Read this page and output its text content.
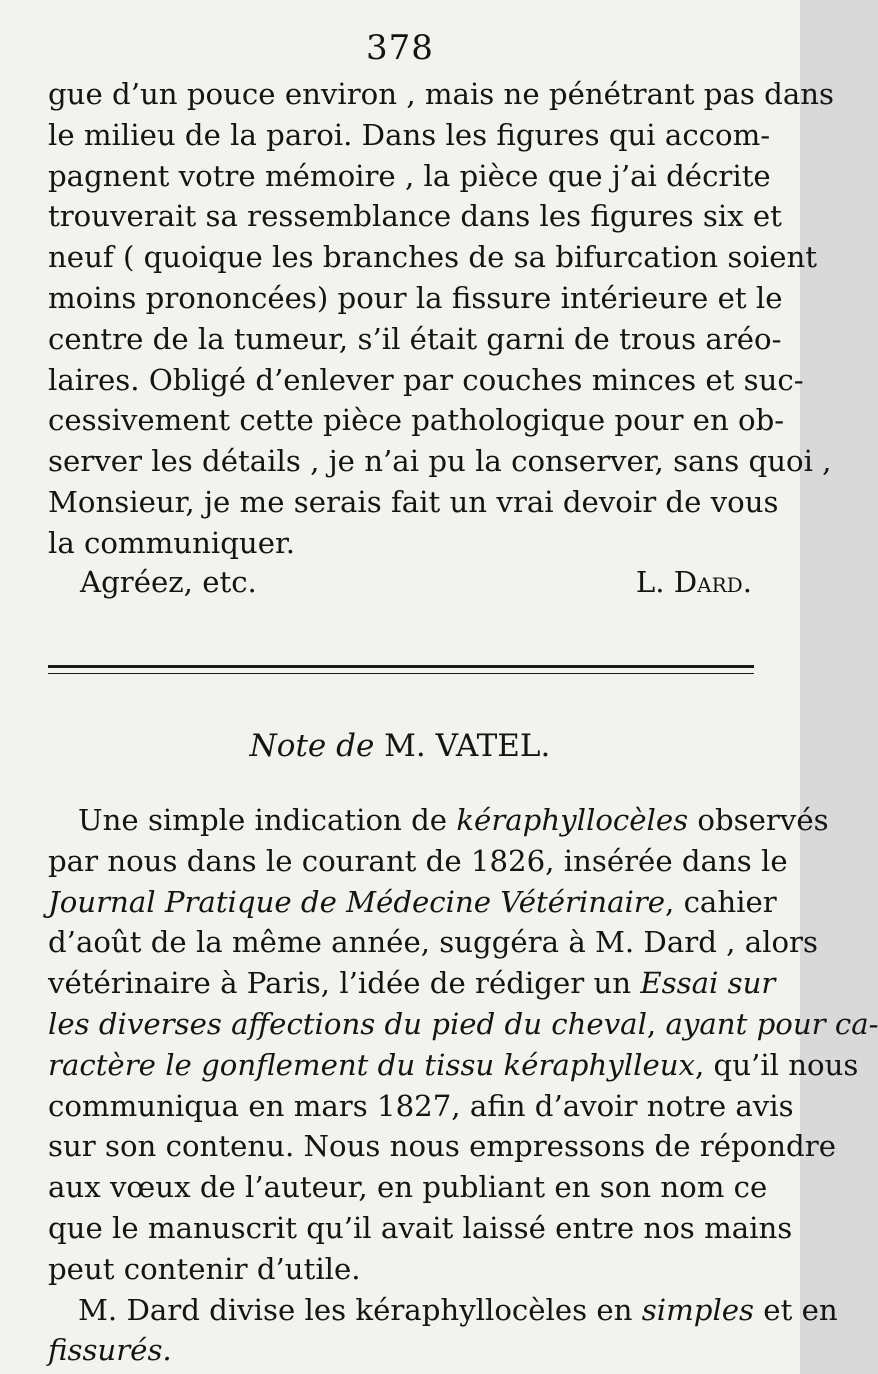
378
gue d’un pouce environ , mais ne pénétrant pas dans
le milieu de la paroi. Dans les figures qui accom-
pagnent votre mémoire , la pièce que j’ai décrite
trouverait sa ressemblance dans les figures six et
neuf ( quoique les branches de sa bifurcation soient
moins prononcées) pour la fissure intérieure et le
centre de la tumeur, s’il était garni de trous aréo-
laires. Obligé d’enlever par couches minces et suc-
cessivement cette pièce pathologique pour en ob-
server les détails , je n’ai pu la conserver, sans quoi ,
Monsieur, je me serais fait un vrai devoir de vous
la communiquer.
Agréez, etc.	L. Dard.
Note de M. VATEL.
Une simple indication de kéraphyllocèles observés
par nous dans le courant de 1826, insérée dans le
Journal Pratique de Médecine Vétérinaire, cahier
d’août de la même année, suggéra à M. Dard , alors
vétérinaire à Paris, l’idée de rédiger un Essai sur
les diverses affections du pied du cheval, ayant pour ca-
ractère le gonflement du tissu kéraphylleux, qu’il nous
communiqua en mars 1827, afin d’avoir notre avis
sur son contenu. Nous nous empressons de répondre
aux vœux de l’auteur, en publiant en son nom ce
que le manuscrit qu’il avait laissé entre nos mains
peut contenir d’utile.
M. Dard divise les kéraphyllocèles en simples et en
fissurés.
